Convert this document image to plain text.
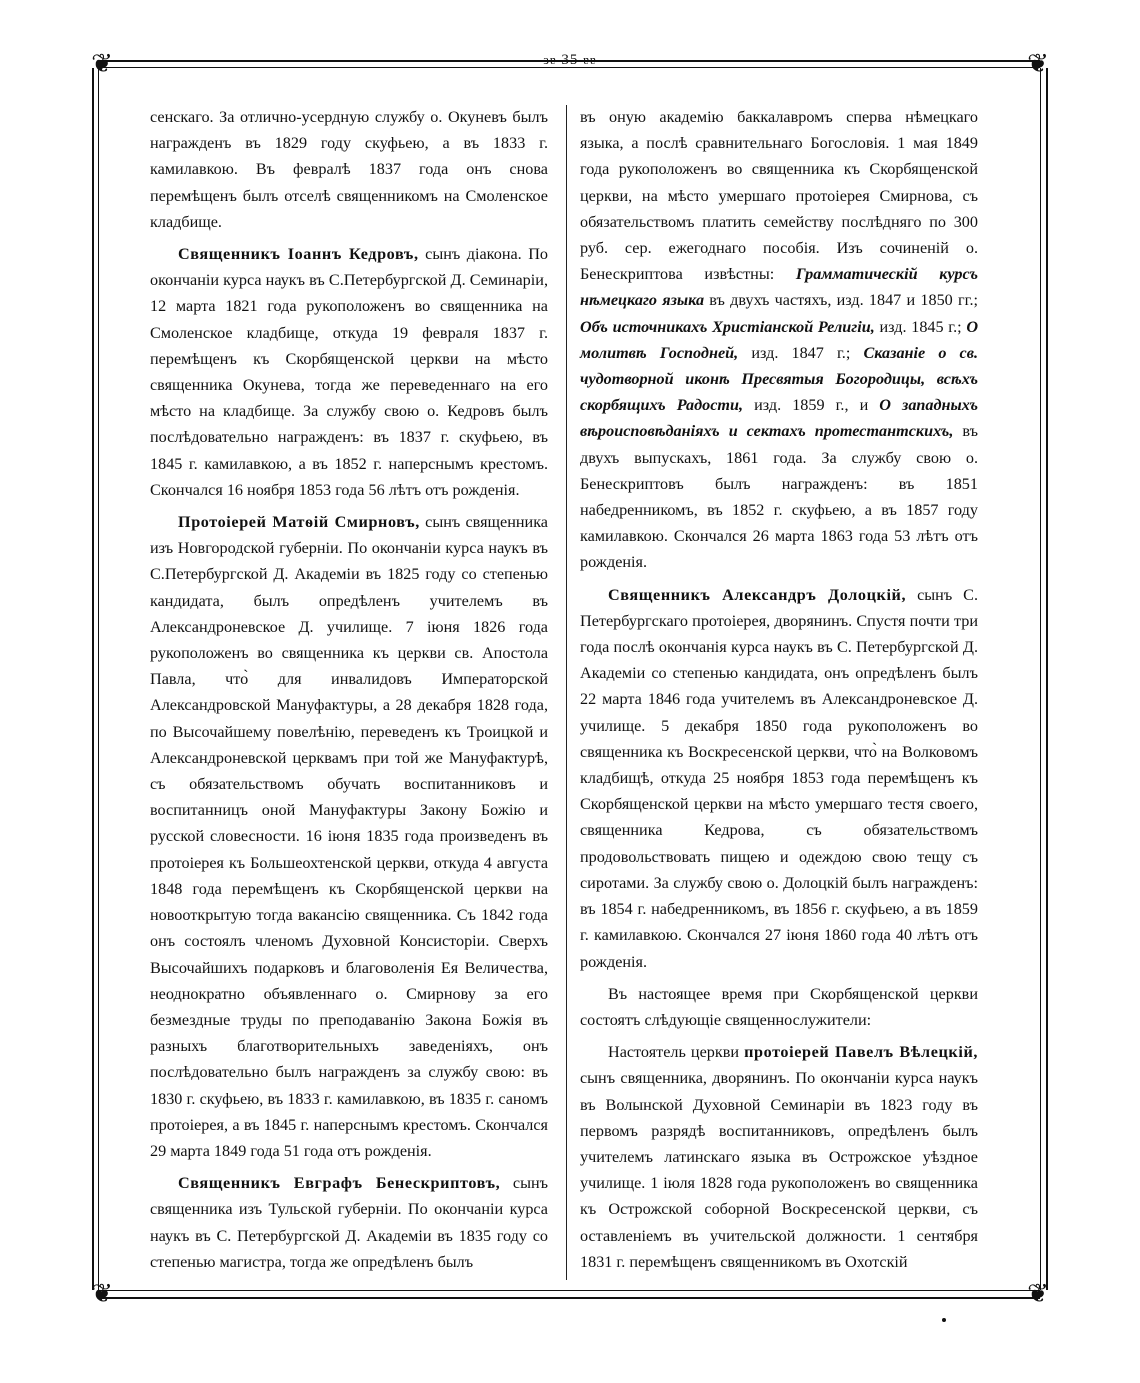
❦	❦
❦	❦
ɜɐ 35 ɐɐ

сенскаго. За отлично-усердную службу о. Окуневъ былъ награжденъ въ 1829 году скуфьею, а въ 1833 г. камилавкою. Въ февралѣ 1837 года онъ снова перемѣщенъ былъ отселѣ священникомъ на Смоленское кладбище.

Священникъ Іоаннъ Кедровъ, сынъ діакона. По окончаніи курса наукъ въ С.Петербургской Д. Семинаріи, 12 марта 1821 года рукоположенъ во священника на Смоленское кладбище, откуда 19 февраля 1837 г. перемѣщенъ къ Скорбященской церкви на мѣсто священника Окунева, тогда же переведеннаго на его мѣсто на кладбище. За службу свою о. Кедровъ былъ послѣдовательно награжденъ: въ 1837 г. скуфьею, въ 1845 г. камилавкою, а въ 1852 г. наперснымъ крестомъ. Скончался 16 ноября 1853 года 56 лѣтъ отъ рожденія.

Протоіерей Матѳій Смирновъ, сынъ священника изъ Новгородской губерніи. По окончаніи курса наукъ въ С.Петербургской Д. Академіи въ 1825 году со степенью кандидата, былъ опредѣленъ учителемъ въ Александроневское Д. училище. 7 іюня 1826 года рукоположенъ во священника къ церкви св. Апостола Павла, что̀ для инвалидовъ Императорской Александровской Мануфактуры, а 28 декабря 1828 года, по Высочайшему повелѣнію, переведенъ къ Троицкой и Александроневской церквамъ при той же Мануфактурѣ, съ обязательствомъ обучать воспитанниковъ и воспитанницъ оной Мануфактуры Закону Божію и русской словесности. 16 іюня 1835 года произведенъ въ протоіерея къ Большеохтенской церкви, откуда 4 августа 1848 года перемѣщенъ къ Скорбященской церкви на новооткрытую тогда вакансію священника. Съ 1842 года онъ состоялъ членомъ Духовной Консисторіи. Сверхъ Высочайшихъ подарковъ и благоволенія Ея Величества, неоднократно объявленнаго о. Смирнову за его безмездные труды по преподаванію Закона Божія въ разныхъ благотворительныхъ заведеніяхъ, онъ послѣдовательно былъ награжденъ за службу свою: въ 1830 г. скуфьею, въ 1833 г. камилавкою, въ 1835 г. саномъ протоіерея, а въ 1845 г. наперснымъ крестомъ. Скончался 29 марта 1849 года 51 года отъ рожденія.

Священникъ Евграфъ Бенескриптовъ, сынъ священника изъ Тульской губерніи. По окончаніи курса наукъ въ С. Петербургской Д. Академіи въ 1835 году со степенью магистра, тогда же опредѣленъ былъ

въ оную академію баккалавромъ сперва нѣмецкаго языка, а послѣ сравнительнаго Богословія. 1 мая 1849 года рукоположенъ во священника къ Скорбященской церкви, на мѣсто умершаго протоіерея Смирнова, съ обязательствомъ платить семейству послѣдняго по 300 руб. сер. ежегоднаго пособія. Изъ сочиненій о. Бенескриптова извѣстны: Грамматическій курсъ нѣмецкаго языка въ двухъ частяхъ, изд. 1847 и 1850 гг.; Объ источникахъ Христіанской Религіи, изд. 1845 г.; О молитвѣ Господней, изд. 1847 г.; Сказаніе о св. чудотворной иконѣ Пресвятыя Богородицы, всѣхъ скорбящихъ Радости, изд. 1859 г., и О западныхъ вѣроисповѣданіяхъ и сектахъ протестантскихъ, въ двухъ выпускахъ, 1861 года. За службу свою о. Бенескриптовъ былъ награжденъ: въ 1851 набедренникомъ, въ 1852 г. скуфьею, а въ 1857 году камилавкою. Скончался 26 марта 1863 года 53 лѣтъ отъ рожденія.

Священникъ Александръ Долоцкій, сынъ С. Петербургскаго протоіерея, дворянинъ. Спустя почти три года послѣ окончанія курса наукъ въ С. Петербургской Д. Академіи со степенью кандидата, онъ опредѣленъ былъ 22 марта 1846 года учителемъ въ Александроневское Д. училище. 5 декабря 1850 года рукоположенъ во священника къ Воскресенской церкви, что̀ на Волковомъ кладбищѣ, откуда 25 ноября 1853 года перемѣщенъ къ Скорбященской церкви на мѣсто умершаго тестя своего, священника Кедрова, съ обязательствомъ продовольствовать пищею и одеждою свою тещу съ сиротами. За службу свою о. Долоцкій былъ награжденъ: въ 1854 г. набедренникомъ, въ 1856 г. скуфьею, а въ 1859 г. камилавкою. Скончался 27 іюня 1860 года 40 лѣтъ отъ рожденія.

Въ настоящее время при Скорбященской церкви состоятъ слѣдующіе священнослужители:

Настоятель церкви протоіерей Павелъ Вѣлецкій, сынъ священника, дворянинъ. По окончаніи курса наукъ въ Волынской Духовной Семинаріи въ 1823 году въ первомъ разрядѣ воспитанниковъ, опредѣленъ былъ учителемъ латинскаго языка въ Острожское уѣздное училище. 1 іюля 1828 года рукоположенъ во священника къ Острожской соборной Воскресенской церкви, съ оставленіемъ въ учительской должности. 1 сентября 1831 г. перемѣщенъ священникомъ въ Охотскій
